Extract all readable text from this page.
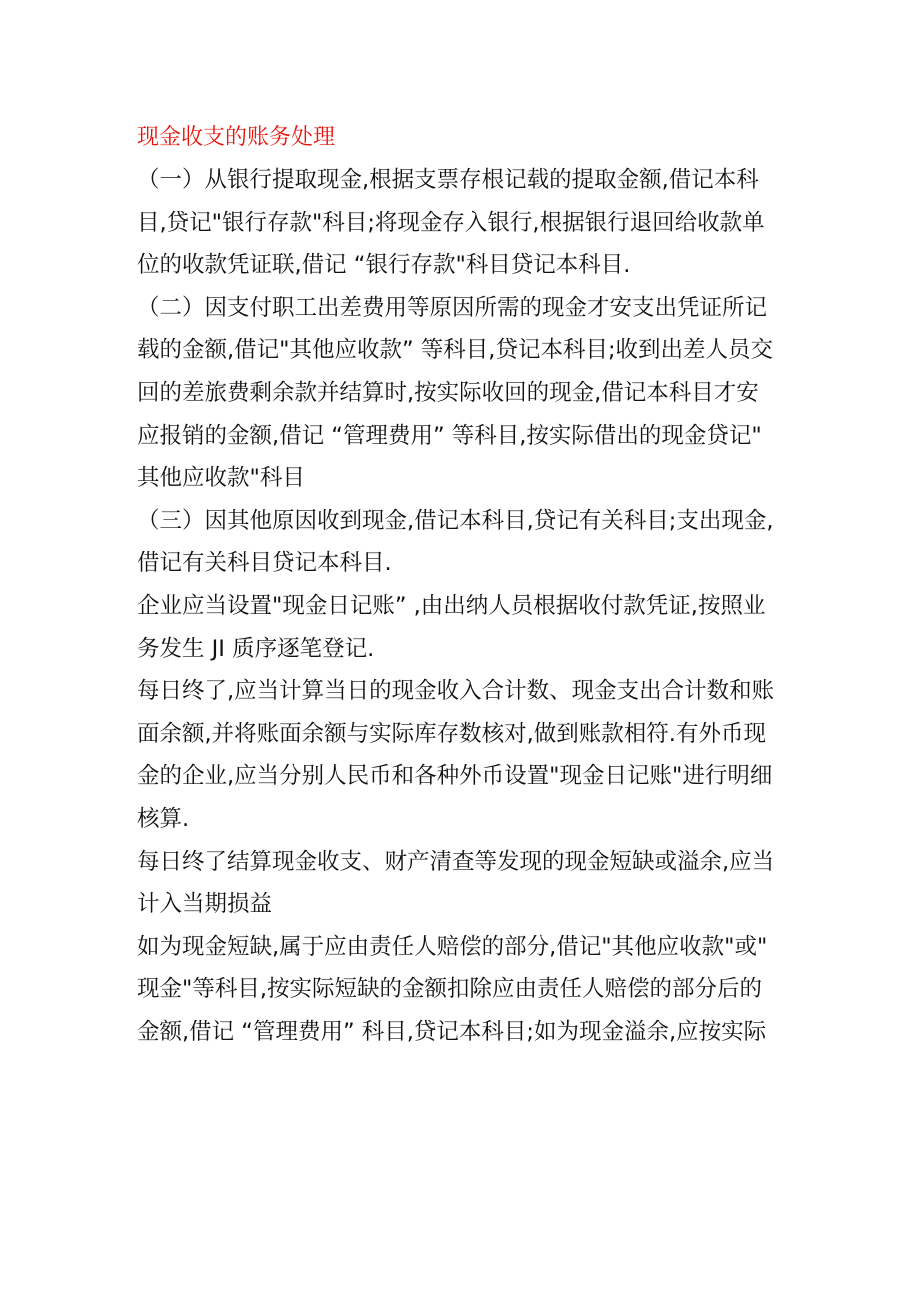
现金收支的账务处理

（一）从银行提取现金,根据支票存根记载的提取金额,借记本科
目,贷记"银行存款"科目;将现金存入银行,根据银行退回给收款单
位的收款凭证联,借记 “银行存款"科目贷记本科目.

（二）因支付职工出差费用等原因所需的现金才安支出凭证所记
载的金额,借记"其他应收款” 等科目,贷记本科目;收到出差人员交
回的差旅费剩余款并结算时,按实际收回的现金,借记本科目才安
应报销的金额,借记 “管理费用” 等科目,按实际借出的现金贷记"
其他应收款"科目

（三）因其他原因收到现金,借记本科目,贷记有关科目;支出现金,
借记有关科目贷记本科目.

企业应当设置"现金日记账” ,由出纳人员根据收付款凭证,按照业
务发生 JI 质序逐笔登记.

每日终了,应当计算当日的现金收入合计数、现金支出合计数和账
面余额,并将账面余额与实际库存数核对,做到账款相符.有外币现
金的企业,应当分别人民币和各种外币设置"现金日记账"进行明细
核算.

每日终了结算现金收支、财产清查等发现的现金短缺或溢余,应当
计入当期损益

如为现金短缺,属于应由责任人赔偿的部分,借记"其他应收款"或"
现金"等科目,按实际短缺的金额扣除应由责任人赔偿的部分后的
金额,借记 “管理费用” 科目,贷记本科目;如为现金溢余,应按实际
